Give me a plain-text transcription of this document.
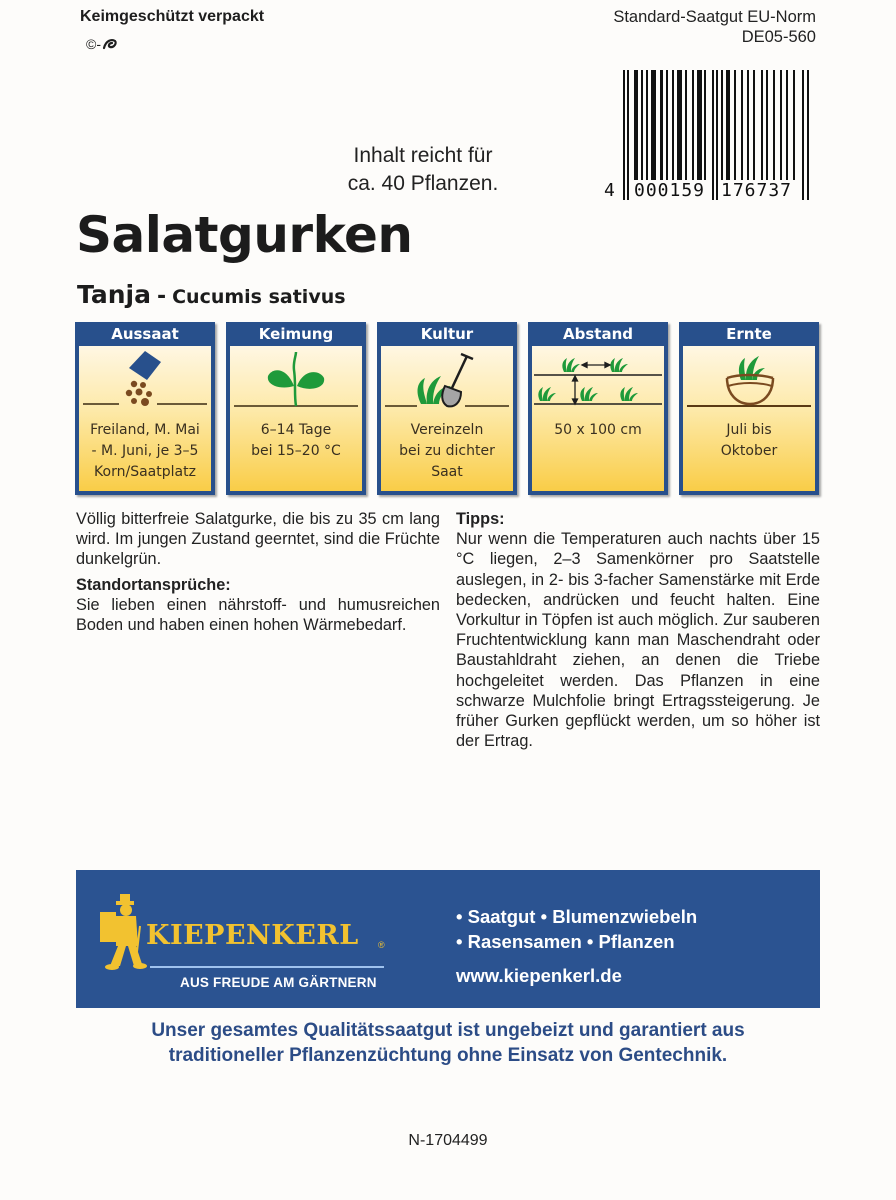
Keimgeschützt verpackt
©-
Standard-Saatgut EU-Norm
DE05-560
4 000159 176737
Inhalt reicht für
ca. 40 Pflanzen.
Salatgurken
Tanja - Cucumis sativus
Aussaat
Freiland, M. Mai
- M. Juni, je 3–5
Korn/Saatplatz
Keimung
6–14 Tage
bei 15–20 °C
Kultur
Vereinzeln
bei zu dichter
Saat
Abstand
50 x 100 cm
Ernte
Juli bis
Oktober
Völlig bitterfreie Salatgurke, die bis zu 35 cm lang wird. Im jungen Zustand geerntet, sind die Früchte dunkelgrün.
Standortansprüche:
Sie lieben einen nährstoff- und humusreichen Boden und haben einen hohen Wärmebedarf.
Tipps:
Nur wenn die Temperaturen auch nachts über 15 °C liegen, 2–3 Samenkörner pro Saatstelle auslegen, in 2- bis 3-facher Samenstärke mit Erde bedecken, andrücken und feucht halten. Eine Vorkultur in Töpfen ist auch möglich. Zur sauberen Fruchtentwicklung kann man Maschendraht oder Baustahldraht ziehen, an denen die Triebe hochgeleitet werden. Das Pflanzen in eine schwarze Mulchfolie bringt Ertragssteigerung. Je früher Gurken gepflückt werden, um so höher ist der Ertrag.
KIEPENKERL ®
AUS FREUDE AM GÄRTNERN
• Saatgut • Blumenzwiebeln
• Rasensamen • Pflanzen
www.kiepenkerl.de
Unser gesamtes Qualitätssaatgut ist ungebeizt und garantiert aus
traditioneller Pflanzenzüchtung ohne Einsatz von Gentechnik.
N-1704499
